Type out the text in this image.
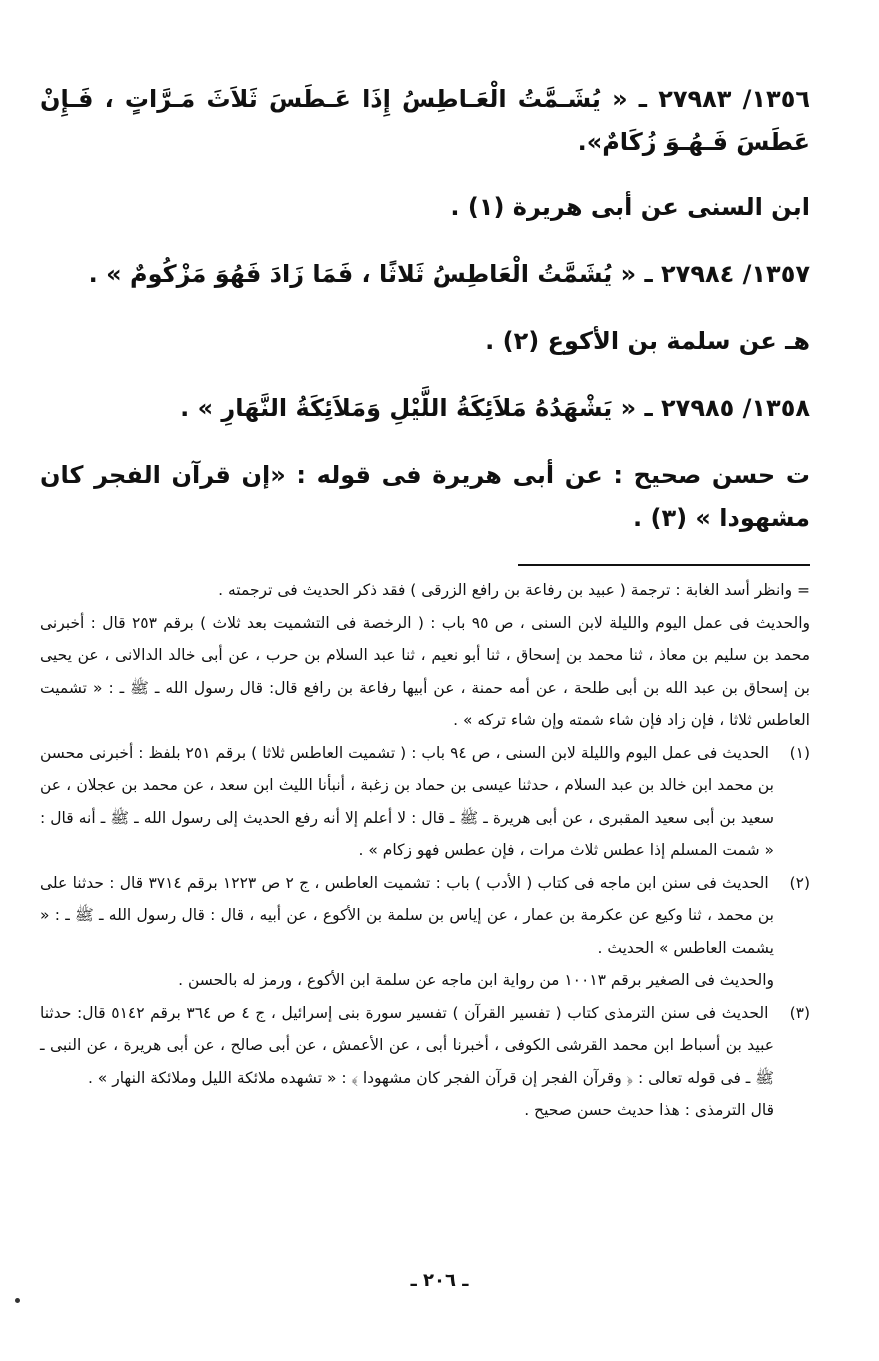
١٣٥٦/ ٢٧٩٨٣ ـ « يُشَـمَّتُ الْعَـاطِسُ إِذَا عَـطَسَ ثَلاَثَ مَـرَّاتٍ ، فَـإِنْ عَطَسَ فَـهُـوَ زُكَامٌ».

ابن السنى عن أبى هريرة (١) .

١٣٥٧/ ٢٧٩٨٤ ـ « يُشَمَّتُ الْعَاطِسُ ثَلاثًا ، فَمَا زَادَ فَهُوَ مَزْكُومٌ » .

هـ عن سلمة بن الأكوع (٢) .

١٣٥٨/ ٢٧٩٨٥ ـ « يَشْهَدُهُ مَلاَئِكَةُ اللَّيْلِ وَمَلاَئِكَةُ النَّهَارِ » .

ت حسن صحيح : عن أبى هريرة فى قوله : «إن قرآن الفجر كان مشهودا » (٣) .

= وانظر أسد الغابة : ترجمة ( عبيد بن رفاعة بن رافع الزرقى ) فقد ذكر الحديث فى ترجمته .

والحديث فى عمل اليوم والليلة لابن السنى ، ص ٩٥ باب : ( الرخصة فى التشميت بعد ثلاث ) برقم ٢٥٣ قال : أخبرنى محمد بن سليم بن معاذ ، ثنا محمد بن إسحاق ، ثنا أبو نعيم ، ثنا عبد السلام بن حرب ، عن أبى خالد الدالانى ، عن يحيى بن إسحاق بن عبد الله بن أبى طلحة ، عن أمه حمنة ، عن أبيها رفاعة بن رافع قال: قال رسول الله ـ ﷺ ـ : « تشميت العاطس ثلاثا ، فإن زاد فإن شاء شمته وإن شاء تركه » .

(١) الحديث فى عمل اليوم والليلة لابن السنى ، ص ٩٤ باب : ( تشميت العاطس ثلاثا ) برقم ٢٥١ بلفظ : أخبرنى محسن بن محمد ابن خالد بن عبد السلام ، حدثنا عيسى بن حماد بن زغبة ، أنبأنا الليث ابن سعد ، عن محمد بن عجلان ، عن سعيد بن أبى سعيد المقبرى ، عن أبى هريرة ـ ﷺ ـ قال : لا أعلم إلا أنه رفع الحديث إلى رسول الله ـ ﷺ ـ أنه قال : « شمت المسلم إذا عطس ثلاث مرات ، فإن عطس فهو زكام » .

(٢) الحديث فى سنن ابن ماجه فى كتاب ( الأدب ) باب : تشميت العاطس ، ج ٢ ص ١٢٢٣ برقم ٣٧١٤ قال : حدثنا على بن محمد ، ثنا وكيع عن عكرمة بن عمار ، عن إياس بن سلمة بن الأكوع ، عن أبيه ، قال : قال رسول الله ـ ﷺ ـ : « يشمت العاطس » الحديث .

والحديث فى الصغير برقم ١٠٠١٣ من رواية ابن ماجه عن سلمة ابن الأكوع ، ورمز له بالحسن .

(٣) الحديث فى سنن الترمذى كتاب ( تفسير القرآن ) تفسير سورة بنى إسرائيل ، ج ٤ ص ٣٦٤ برقم ٥١٤٢ قال: حدثنا عبيد بن أسباط ابن محمد القرشى الكوفى ، أخبرنا أبى ، عن الأعمش ، عن أبى صالح ، عن أبى هريرة ، عن النبى ـ ﷺ ـ فى قوله تعالى : ﴿ وقرآن الفجر إن قرآن الفجر كان مشهودا ﴾ : « تشهده ملائكة الليل وملائكة النهار » .

قال الترمذى : هذا حديث حسن صحيح .

ـ ٢٠٦ ـ
